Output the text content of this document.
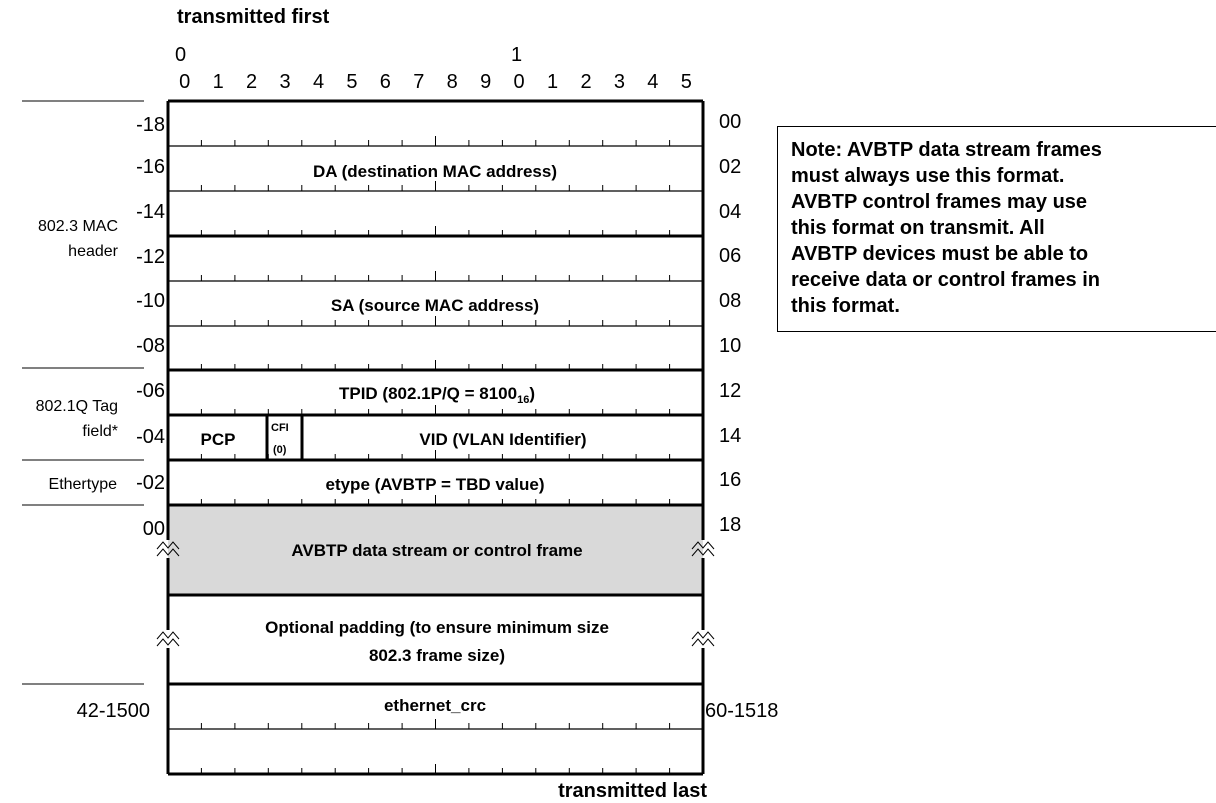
transmitted first
0	1
0 1 2 3 4 5 6 7 8 9 0 1 2 3 4 5
802.3 MAC
header
802.1Q Tag
field*
Ethertype
-18
-16
-14
-12
-10
-08
-06
-04
-02
00
00
02
04
06
08
10
12
14
16
18
42-1500	60-1518
DA (destination MAC address)
SA (source MAC address)
TPID $(802.1P/Q = 8100_{16})$
PCP
CFI
(0)
VID (VLAN Identifier)
etype (AVBTP = TBD value)
AVBTP data stream or control frame
Optional padding (to ensure minimum size
802.3 frame size)
ethernet_crc
transmitted last
Note: AVBTP data stream frames
must always use this format.
AVBTP control frames may use
this format on transmit. All
AVBTP devices must be able to
receive data or control frames in
this format.
